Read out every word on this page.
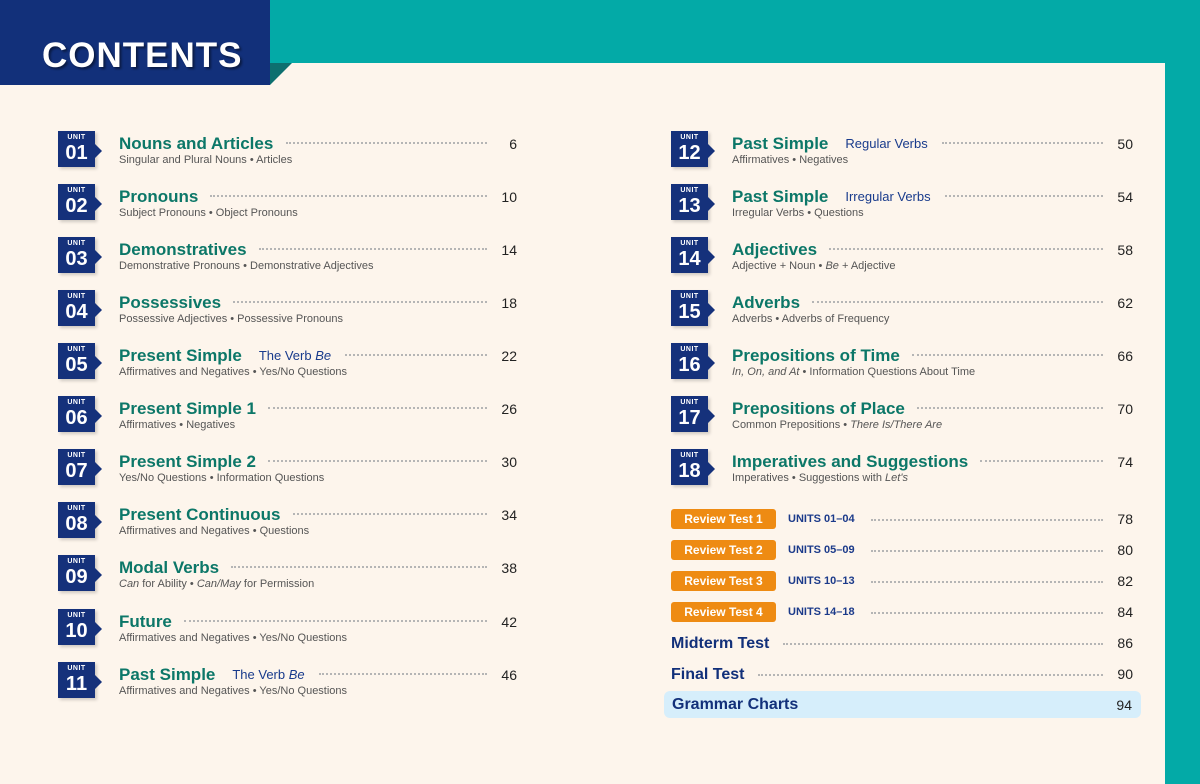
CONTENTS
UNIT
01	Nouns and Articles
Singular and Plural Nouns • Articles
6
UNIT
02	Pronouns
Subject Pronouns • Object Pronouns
10
UNIT
03	Demonstratives
Demonstrative Pronouns • Demonstrative Adjectives
14
UNIT
04	Possessives
Possessive Adjectives • Possessive Pronouns
18
UNIT
05	Present Simple The Verb Be
Affirmatives and Negatives • Yes/No Questions
22
UNIT
06	Present Simple 1
Affirmatives • Negatives
26
UNIT
07	Present Simple 2
Yes/No Questions • Information Questions
30
UNIT
08	Present Continuous
Affirmatives and Negatives • Questions
34
UNIT
09	Modal Verbs
Can for Ability • Can/May for Permission
38
UNIT
10	Future
Affirmatives and Negatives • Yes/No Questions
42
UNIT
11	Past Simple The Verb Be
Affirmatives and Negatives • Yes/No Questions
46
UNIT
12	Past Simple Regular Verbs
Affirmatives • Negatives
50
UNIT
13	Past Simple Irregular Verbs
Irregular Verbs • Questions
54
UNIT
14	Adjectives
Adjective + Noun • Be + Adjective
58
UNIT
15	Adverbs
Adverbs • Adverbs of Frequency
62
UNIT
16	Prepositions of Time
In, On, and At • Information Questions About Time
66
UNIT
17	Prepositions of Place
Common Prepositions • There Is/There Are
70
UNIT
18	Imperatives and Suggestions
Imperatives • Suggestions with Let's
74
Review Test 1	UNITS 01–04	78
Review Test 2	UNITS 05–09	80
Review Test 3	UNITS 10–13	82
Review Test 4	UNITS 14–18	84
Midterm Test	86
Final Test	90
Grammar Charts	94
